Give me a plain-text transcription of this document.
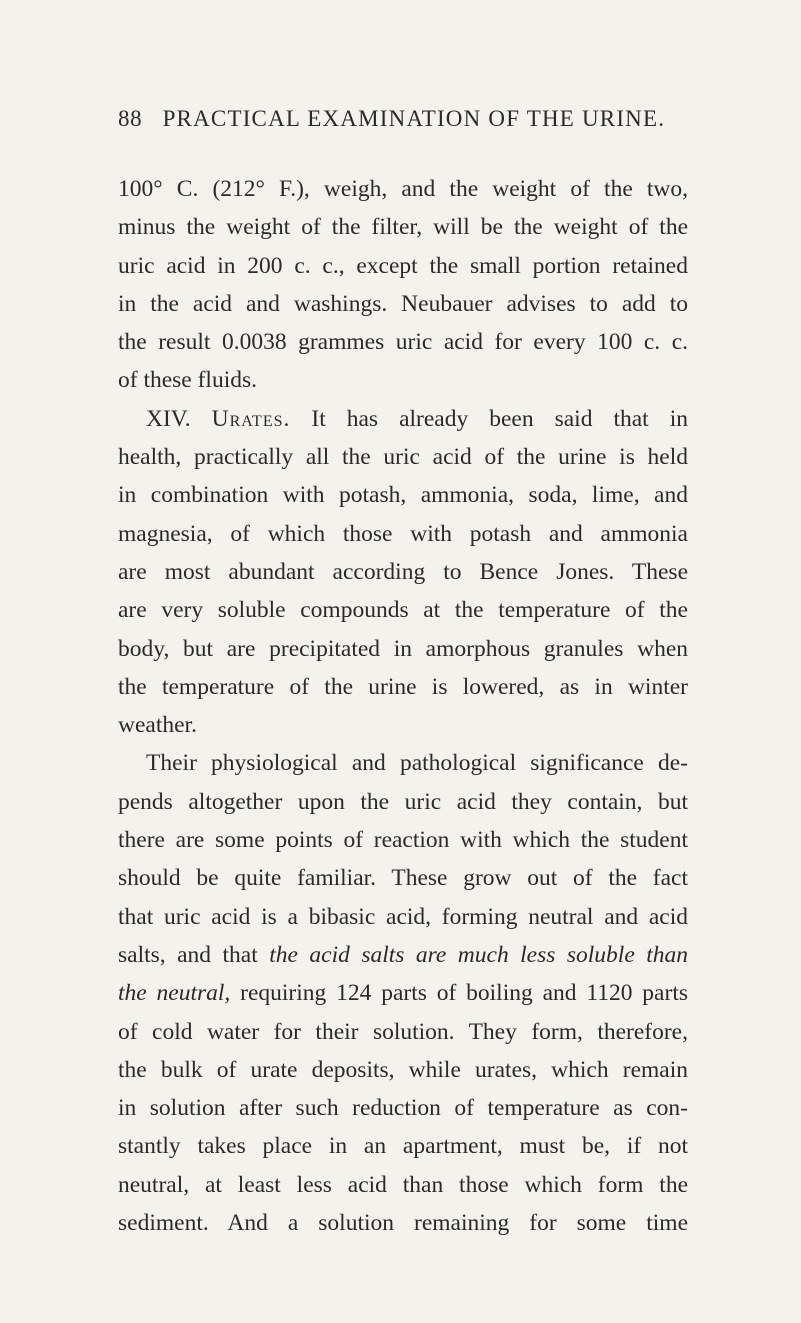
88 PRACTICAL EXAMINATION OF THE URINE.
100° C. (212° F.), weigh, and the weight of the two,
minus the weight of the filter, will be the weight of the
uric acid in 200 c. c., except the small portion retained
in the acid and washings. Neubauer advises to add to
the result 0.0038 grammes uric acid for every 100 c. c.
of these fluids.
XIV. Urates. It has already been said that in
health, practically all the uric acid of the urine is held
in combination with potash, ammonia, soda, lime, and
magnesia, of which those with potash and ammonia
are most abundant according to Bence Jones. These
are very soluble compounds at the temperature of the
body, but are precipitated in amorphous granules when
the temperature of the urine is lowered, as in winter
weather.
Their physiological and pathological significance de-
pends altogether upon the uric acid they contain, but
there are some points of reaction with which the student
should be quite familiar. These grow out of the fact
that uric acid is a bibasic acid, forming neutral and acid
salts, and that the acid salts are much less soluble than
the neutral, requiring 124 parts of boiling and 1120 parts
of cold water for their solution. They form, therefore,
the bulk of urate deposits, while urates, which remain
in solution after such reduction of temperature as con-
stantly takes place in an apartment, must be, if not
neutral, at least less acid than those which form the
sediment. And a solution remaining for some time
